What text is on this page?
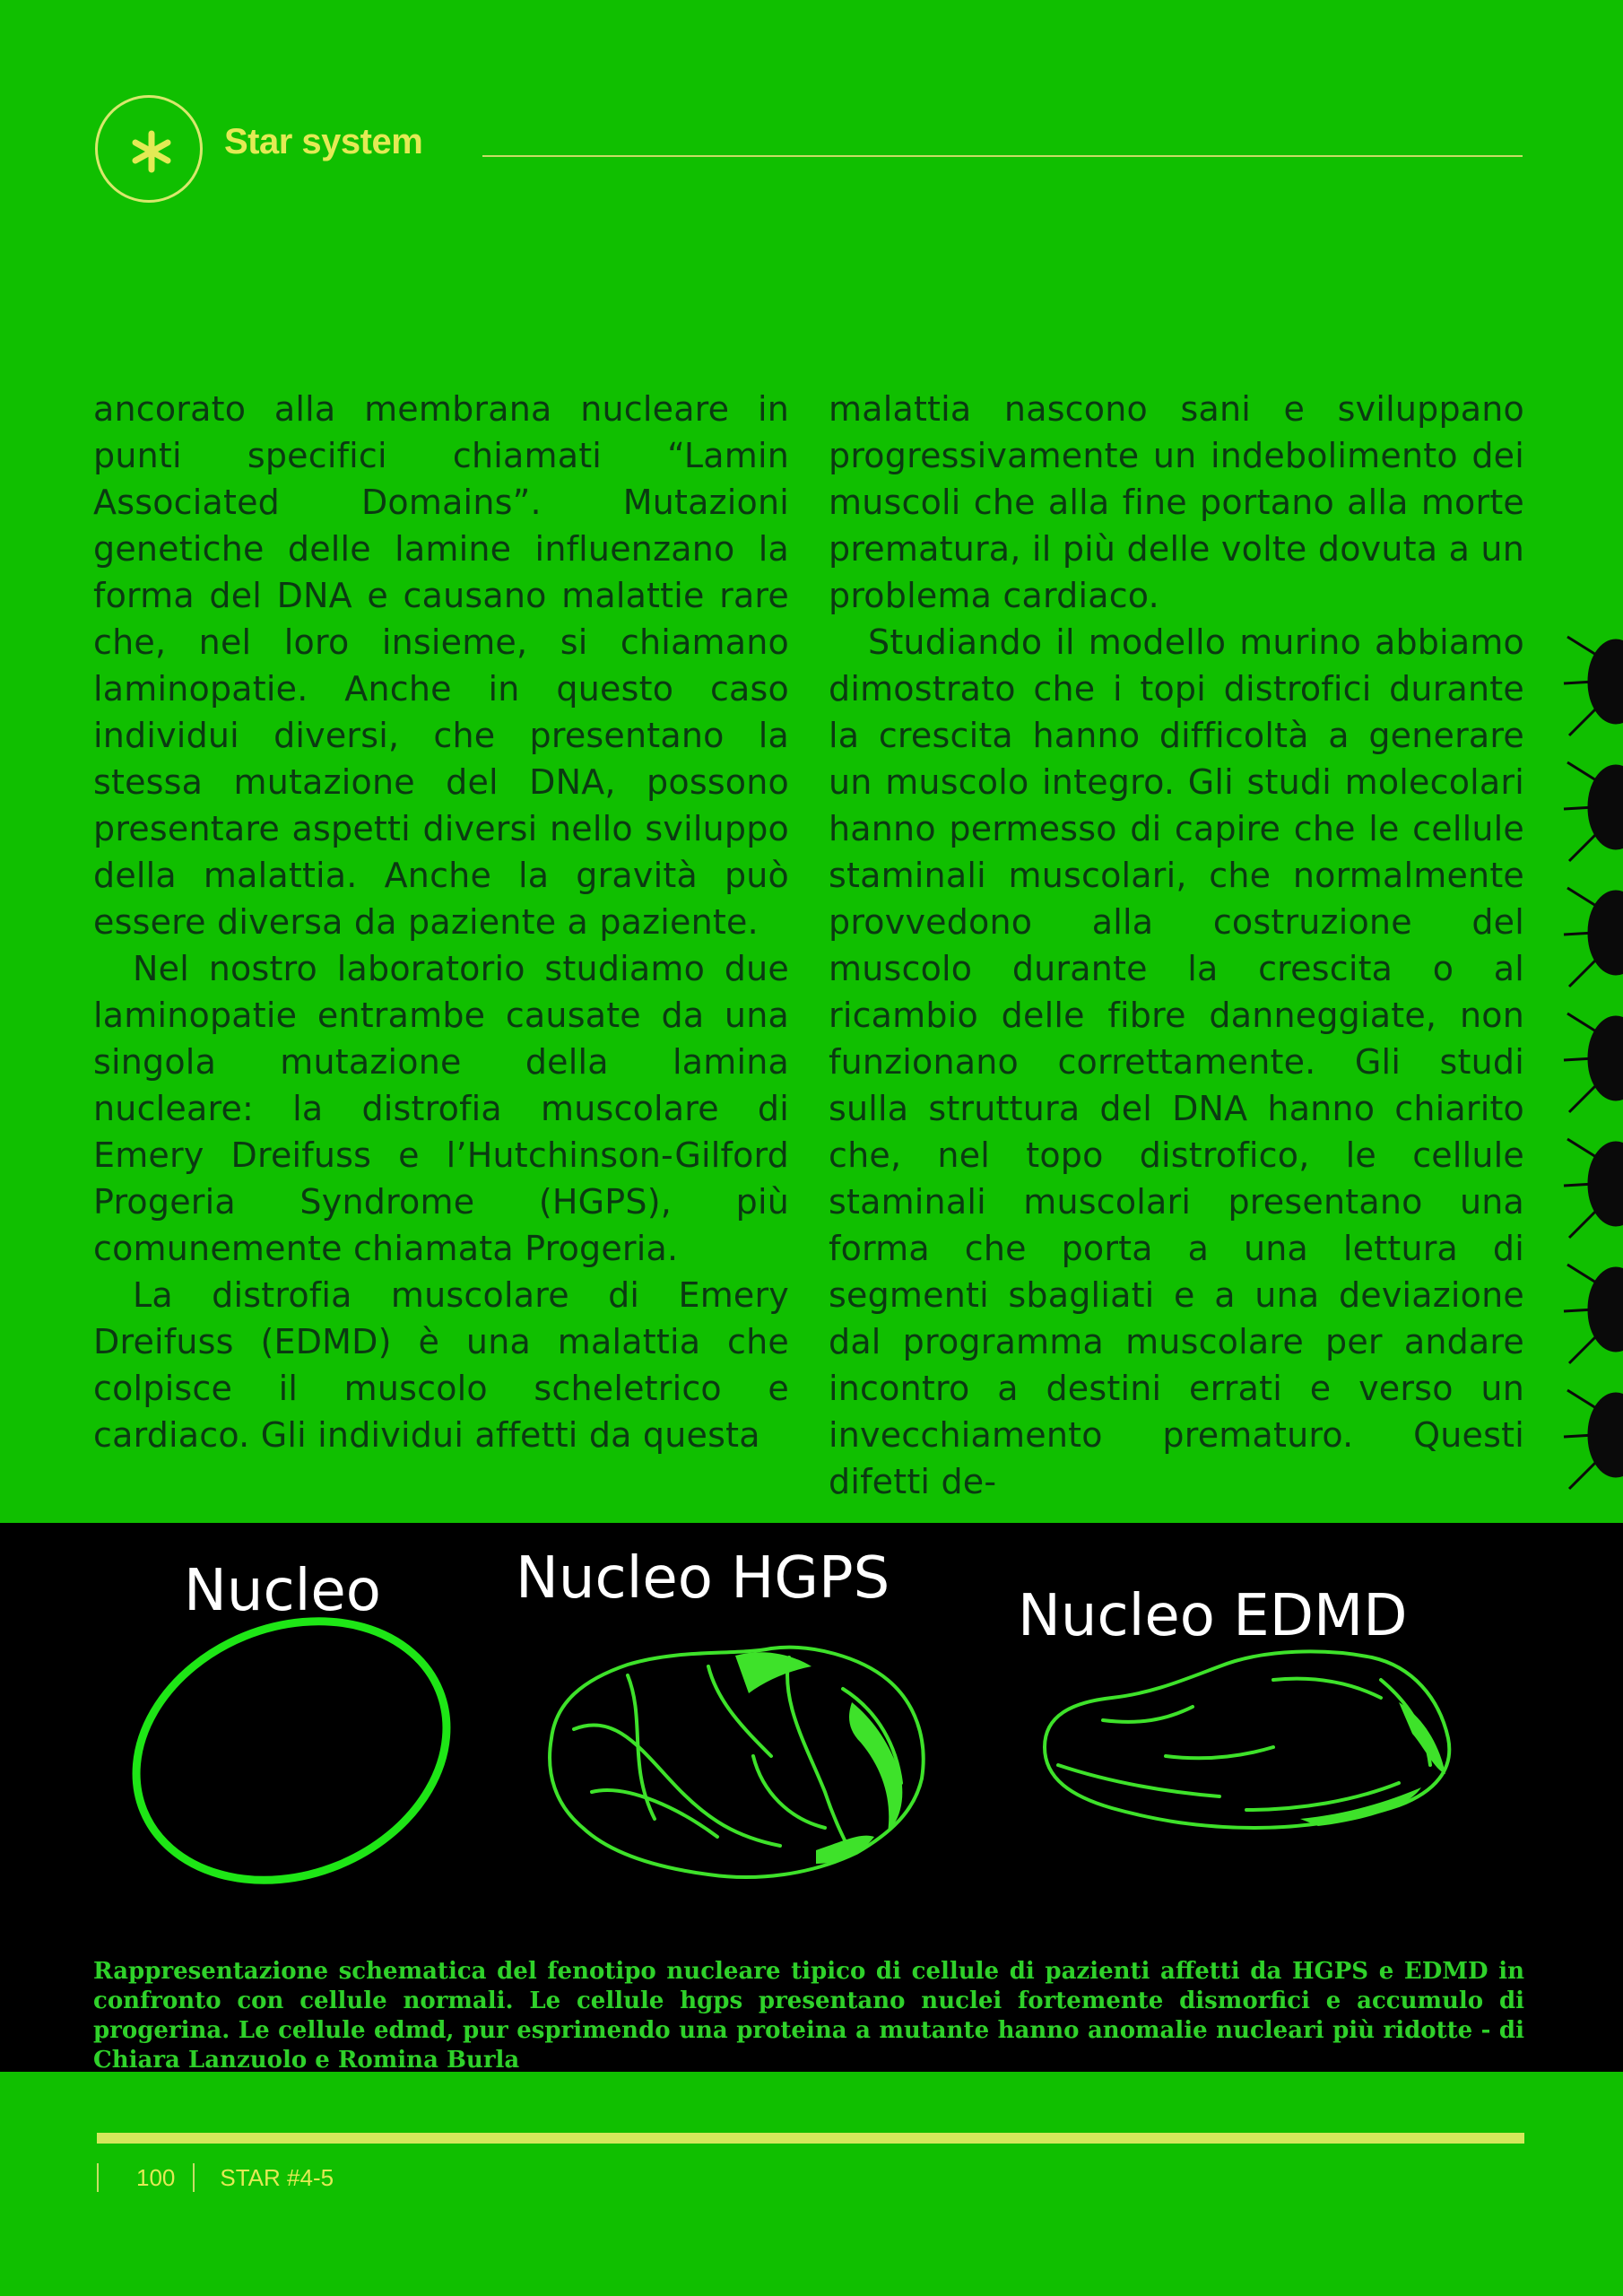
Star system

ancorato alla membrana nucleare in punti specifici chiamati “Lamin Associated Domains”. Mutazioni genetiche delle lamine influenzano la forma del DNA e causano malattie rare che, nel loro insieme, si chiamano laminopatie. Anche in questo caso individui diversi, che presentano la stessa mutazione del DNA, possono presentare aspetti diversi nello sviluppo della malattia. Anche la gravità può essere diversa da paziente a paziente.

Nel nostro laboratorio studiamo due laminopatie entrambe causate da una singola mutazione della lamina nucleare: la distrofia muscolare di Emery Dreifuss e l’Hutchinson-Gilford Progeria Syndrome (HGPS), più comunemente chiamata Progeria.

La distrofia muscolare di Emery Dreifuss (EDMD) è una malattia che colpisce il muscolo scheletrico e cardiaco. Gli individui affetti da questa

malattia nascono sani e sviluppano progressivamente un indebolimento dei muscoli che alla fine portano alla morte prematura, il più delle volte dovuta a un problema cardiaco.

Studiando il modello murino abbiamo dimostrato che i topi distrofici durante la crescita hanno difficoltà a generare un muscolo integro. Gli studi molecolari hanno permesso di capire che le cellule staminali muscolari, che normalmente provvedono alla costruzione del muscolo durante la crescita o al ricambio delle fibre danneggiate, non funzionano correttamente. Gli studi sulla struttura del DNA hanno chiarito che, nel topo distrofico, le cellule staminali muscolari presentano una forma che porta a una lettura di segmenti sbagliati e a una deviazione dal programma muscolare per andare incontro a destini errati e verso un invecchiamento prematuro. Questi difetti de-

Nucleo Nucleo HGPS
Nucleo EDMD
Rappresentazione schematica del fenotipo nucleare tipico di cellule di pazienti affetti da HGPS e EDMD in confronto con cellule normali. Le cellule hgps presentano nuclei fortemente dismorfici e accumulo di progerina. Le cellule edmd, pur esprimendo una proteina a mutante hanno anomalie nucleari più ridotte - di Chiara Lanzuolo e Romina Burla
100 STAR #4-5
